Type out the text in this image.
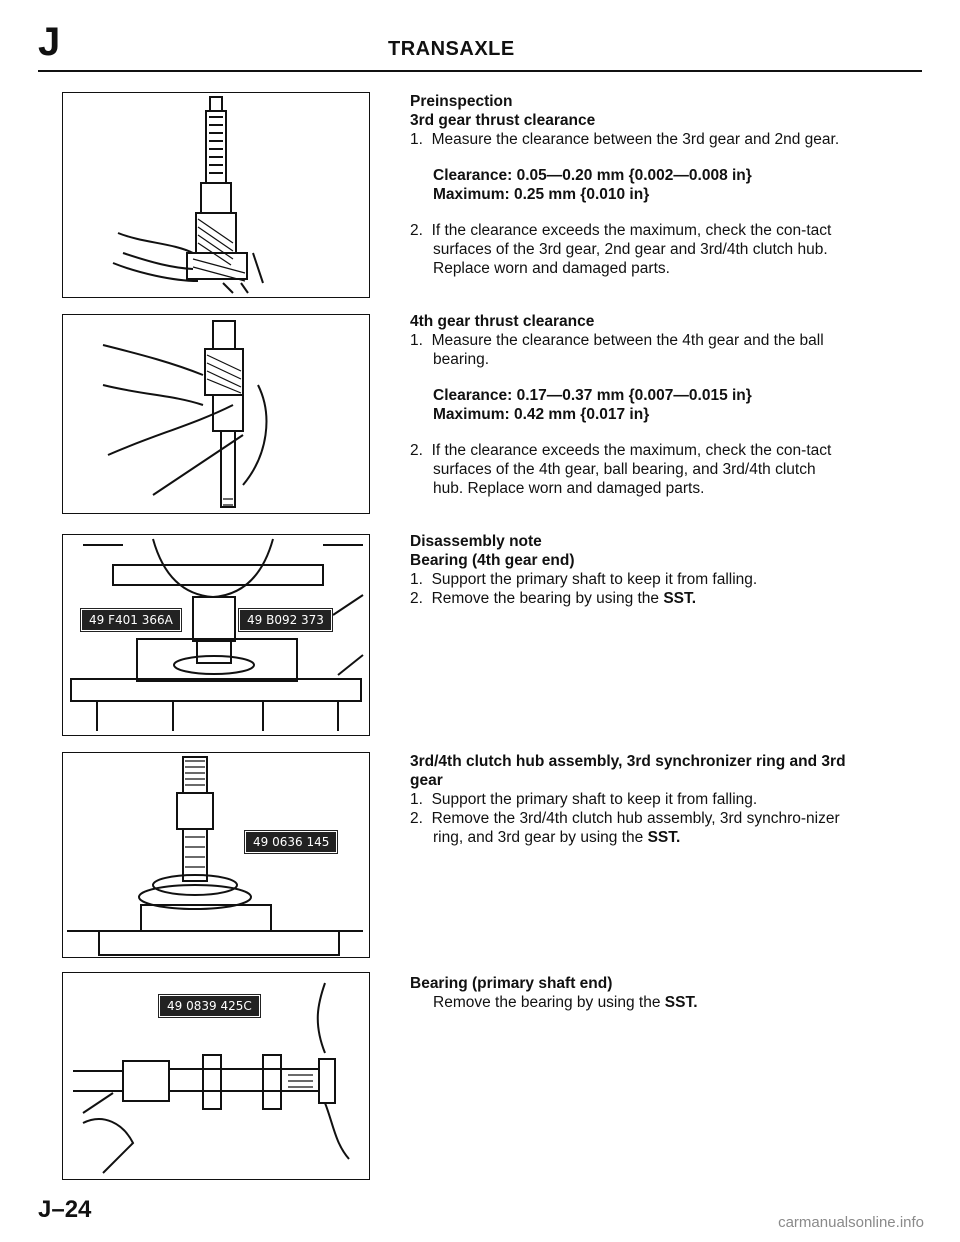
J	TRANSAXLE
49 F401 366A	49 B092 373
49 0636 145
49 0839 425C

Preinspection

3rd gear thrust clearance

1. Measure the clearance between the 3rd gear and 2nd gear.

Clearance: 0.05—0.20 mm {0.002—0.008 in}

Maximum: 0.25 mm {0.010 in}

2. If the clearance exceeds the maximum, check the con-tact surfaces of the 3rd gear, 2nd gear and 3rd/4th clutch hub. Replace worn and damaged parts.

4th gear thrust clearance

1. Measure the clearance between the 4th gear and the ball bearing.

Clearance: 0.17—0.37 mm {0.007—0.015 in}

Maximum: 0.42 mm {0.017 in}

2. If the clearance exceeds the maximum, check the con-tact surfaces of the 4th gear, ball bearing, and 3rd/4th clutch hub. Replace worn and damaged parts.

Disassembly note

Bearing (4th gear end)

1. Support the primary shaft to keep it from falling.

2. Remove the bearing by using the SST.

3rd/4th clutch hub assembly, 3rd synchronizer ring and 3rd gear

1. Support the primary shaft to keep it from falling.

2. Remove the 3rd/4th clutch hub assembly, 3rd synchro-nizer ring, and 3rd gear by using the SST.

Bearing (primary shaft end)

Remove the bearing by using the SST.

J–24	carmanualsonline.info
